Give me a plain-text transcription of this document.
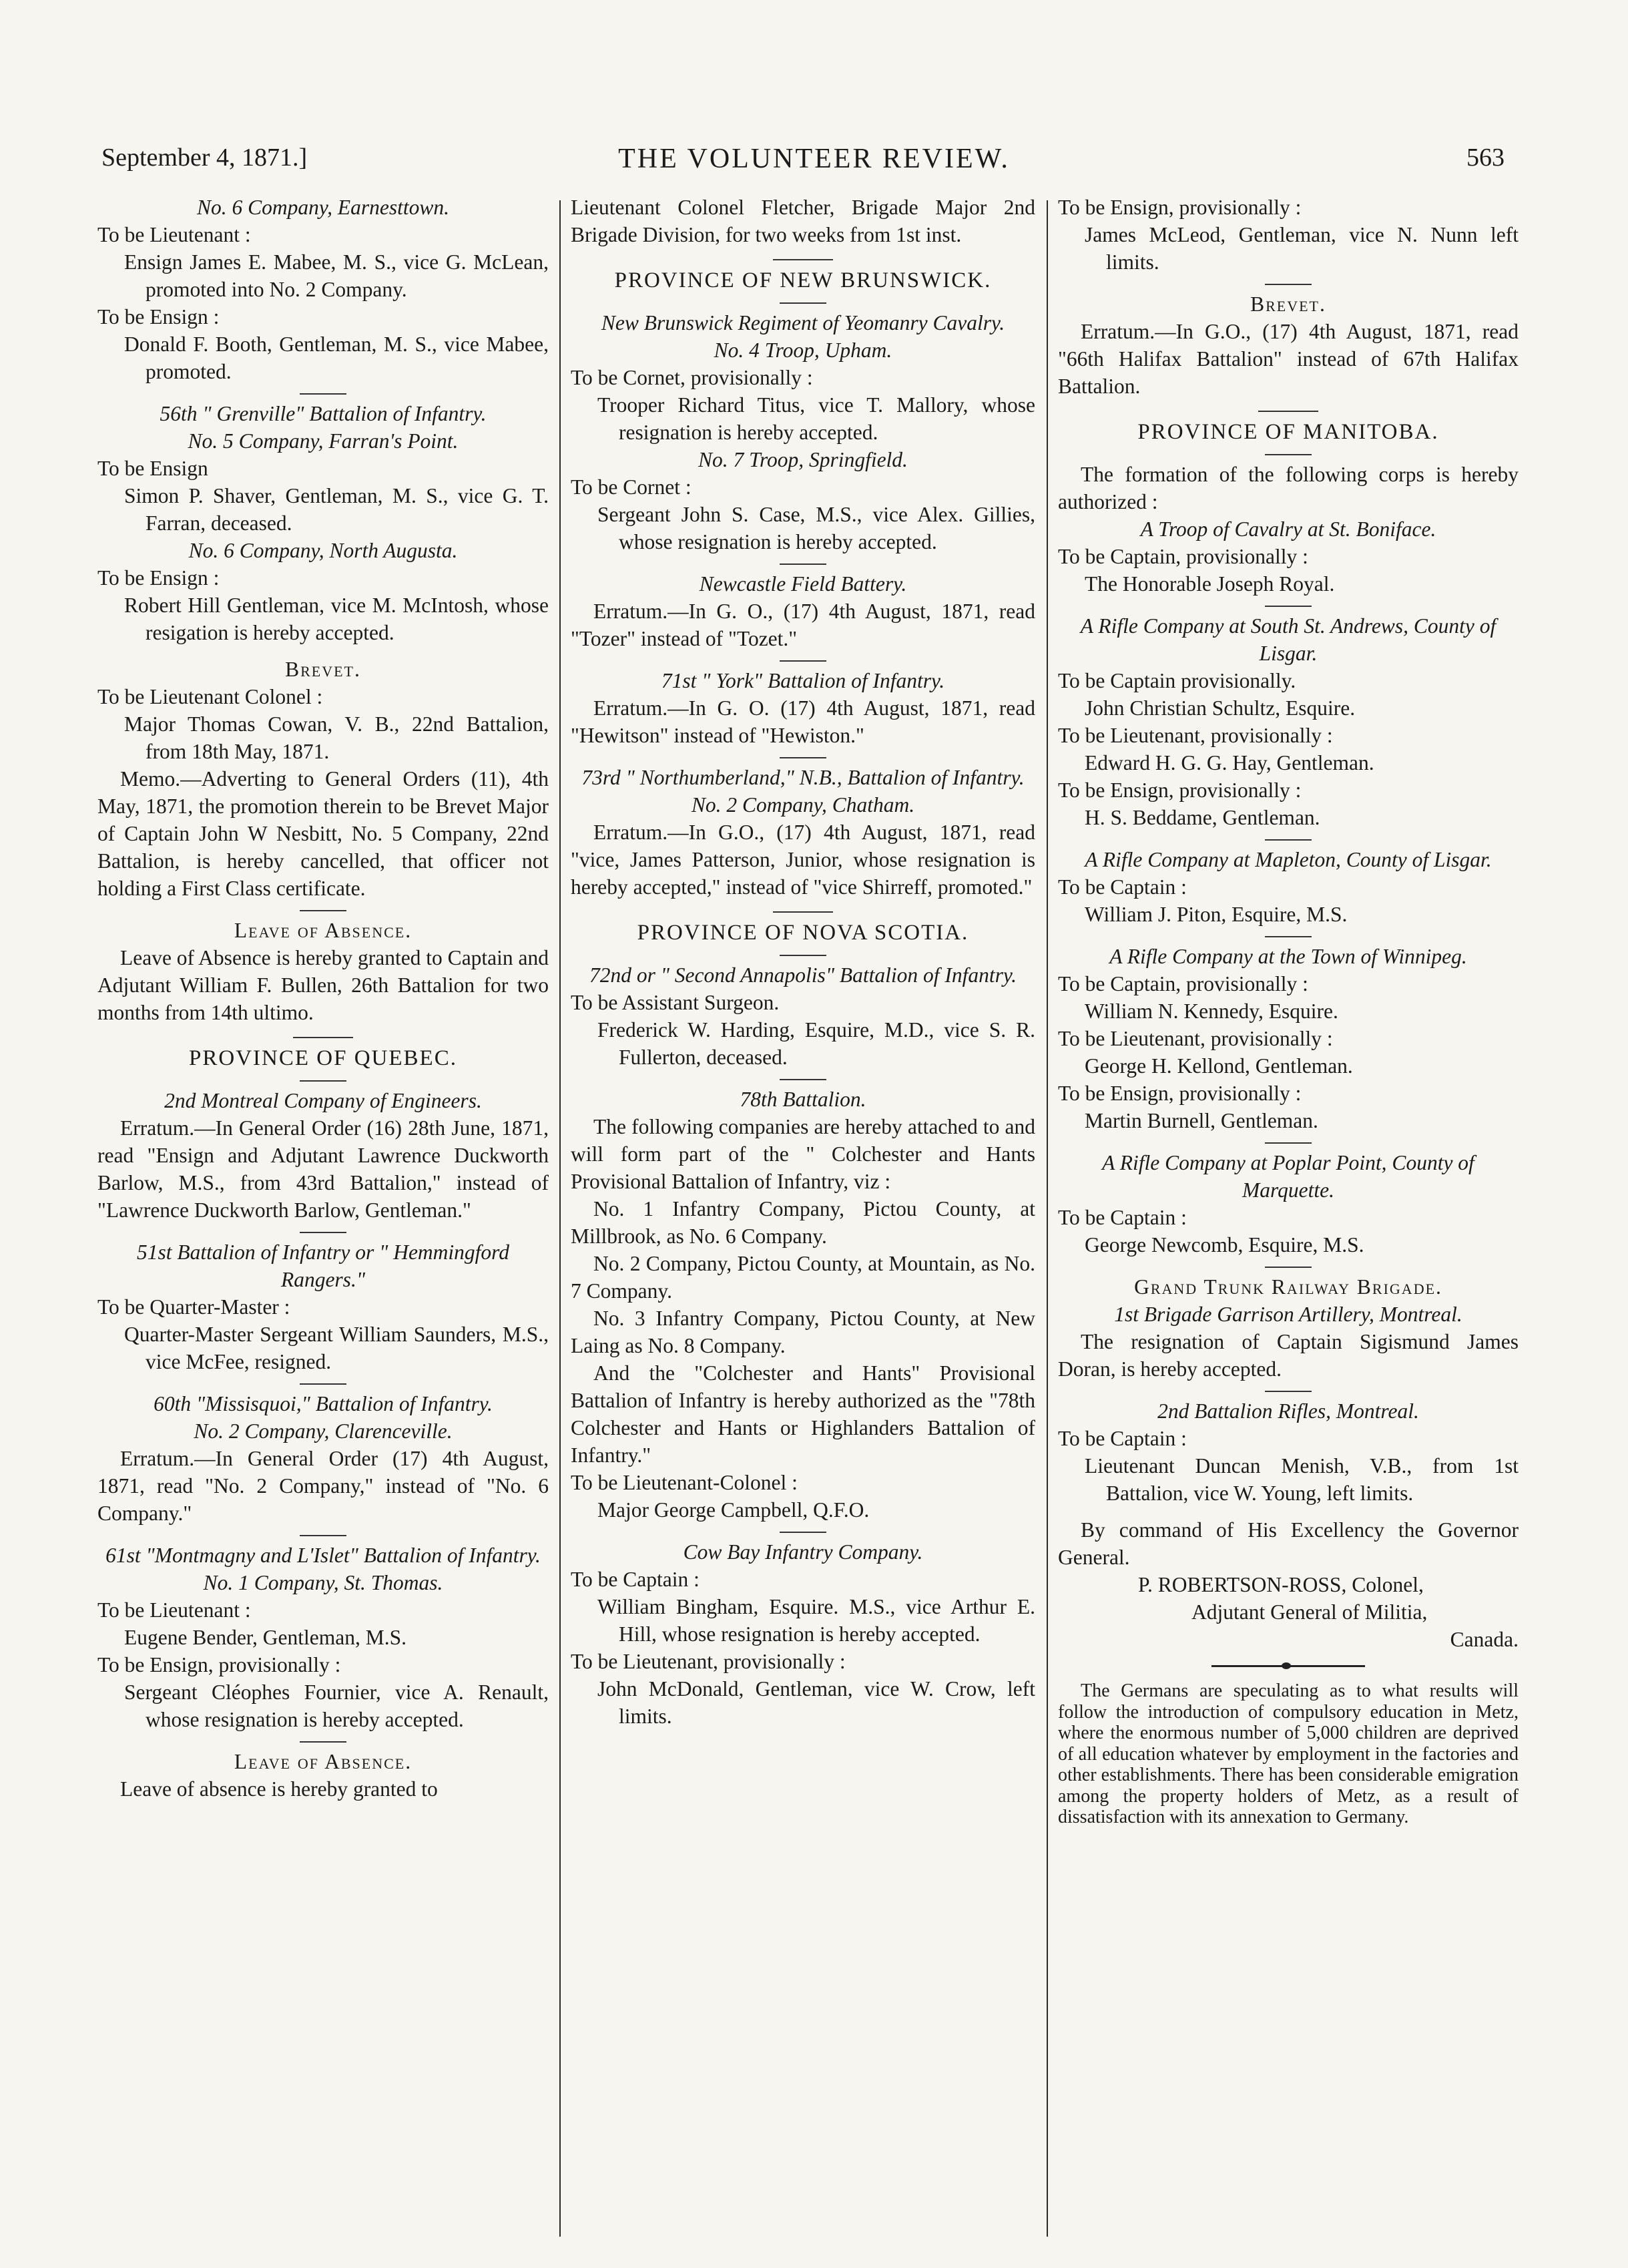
September 4, 1871.]	THE VOLUNTEER REVIEW.	563

No. 6 Company, Earnesttown.

To be Lieutenant :

Ensign James E. Mabee, M. S., vice G. McLean, promoted into No. 2 Company.

To be Ensign :

Donald F. Booth, Gentleman, M. S., vice Mabee, promoted.

56th " Grenville" Battalion of Infantry.

No. 5 Company, Farran's Point.

To be Ensign

Simon P. Shaver, Gentleman, M. S., vice G. T. Farran, deceased.

No. 6 Company, North Augusta.

To be Ensign :

Robert Hill Gentleman, vice M. McIntosh, whose resigation is hereby accepted.

Brevet.

To be Lieutenant Colonel :

Major Thomas Cowan, V. B., 22nd Battalion, from 18th May, 1871.

Memo.—Adverting to General Orders (11), 4th May, 1871, the promotion therein to be Brevet Major of Captain John W Nesbitt, No. 5 Company, 22nd Battalion, is hereby cancelled, that officer not holding a First Class certificate.

Leave of Absence.

Leave of Absence is hereby granted to Captain and Adjutant William F. Bullen, 26th Battalion for two months from 14th ultimo.

PROVINCE OF QUEBEC.

2nd Montreal Company of Engineers.

Erratum.—In General Order (16) 28th June, 1871, read "Ensign and Adjutant Lawrence Duckworth Barlow, M.S., from 43rd Battalion," instead of "Lawrence Duckworth Barlow, Gentleman."

51st Battalion of Infantry or " Hemmingford Rangers."

To be Quarter-Master :

Quarter-Master Sergeant William Saunders, M.S., vice McFee, resigned.

60th "Missisquoi," Battalion of Infantry.

No. 2 Company, Clarenceville.

Erratum.—In General Order (17) 4th August, 1871, read "No. 2 Company," instead of "No. 6 Company."

61st "Montmagny and L'Islet" Battalion of Infantry.

No. 1 Company, St. Thomas.

To be Lieutenant :

Eugene Bender, Gentleman, M.S.

To be Ensign, provisionally :

Sergeant Cléophes Fournier, vice A. Renault, whose resignation is hereby accepted.

Leave of Absence.

Leave of absence is hereby granted to

Lieutenant Colonel Fletcher, Brigade Major 2nd Brigade Division, for two weeks from 1st inst.

PROVINCE OF NEW BRUNSWICK.

New Brunswick Regiment of Yeomanry Cavalry.

No. 4 Troop, Upham.

To be Cornet, provisionally :

Trooper Richard Titus, vice T. Mallory, whose resignation is hereby accepted.

No. 7 Troop, Springfield.

To be Cornet :

Sergeant John S. Case, M.S., vice Alex. Gillies, whose resignation is hereby accepted.

Newcastle Field Battery.

Erratum.—In G. O., (17) 4th August, 1871, read "Tozer" instead of "Tozet."

71st " York" Battalion of Infantry.

Erratum.—In G. O. (17) 4th August, 1871, read "Hewitson" instead of "Hewiston."

73rd " Northumberland," N.B., Battalion of Infantry.

No. 2 Company, Chatham.

Erratum.—In G.O., (17) 4th August, 1871, read "vice, James Patterson, Junior, whose resignation is hereby accepted," instead of "vice Shirreff, promoted."

PROVINCE OF NOVA SCOTIA.

72nd or " Second Annapolis" Battalion of Infantry.

To be Assistant Surgeon.

Frederick W. Harding, Esquire, M.D., vice S. R. Fullerton, deceased.

78th Battalion.

The following companies are hereby attached to and will form part of the " Colchester and Hants Provisional Battalion of Infantry, viz :

No. 1 Infantry Company, Pictou County, at Millbrook, as No. 6 Company.

No. 2 Company, Pictou County, at Mountain, as No. 7 Company.

No. 3 Infantry Company, Pictou County, at New Laing as No. 8 Company.

And the "Colchester and Hants" Provisional Battalion of Infantry is hereby authorized as the "78th Colchester and Hants or Highlanders Battalion of Infantry."

To be Lieutenant-Colonel :

Major George Campbell, Q.F.O.

Cow Bay Infantry Company.

To be Captain :

William Bingham, Esquire. M.S., vice Arthur E. Hill, whose resignation is hereby accepted.

To be Lieutenant, provisionally :

John McDonald, Gentleman, vice W. Crow, left limits.

To be Ensign, provisionally :

James McLeod, Gentleman, vice N. Nunn left limits.

Brevet.

Erratum.—In G.O., (17) 4th August, 1871, read "66th Halifax Battalion" instead of 67th Halifax Battalion.

PROVINCE OF MANITOBA.

The formation of the following corps is hereby authorized :

A Troop of Cavalry at St. Boniface.

To be Captain, provisionally :

The Honorable Joseph Royal.

A Rifle Company at South St. Andrews, County of Lisgar.

To be Captain provisionally.

John Christian Schultz, Esquire.

To be Lieutenant, provisionally :

Edward H. G. G. Hay, Gentleman.

To be Ensign, provisionally :

H. S. Beddame, Gentleman.

A Rifle Company at Mapleton, County of Lisgar.

To be Captain :

William J. Piton, Esquire, M.S.

A Rifle Company at the Town of Winnipeg.

To be Captain, provisionally :

William N. Kennedy, Esquire.

To be Lieutenant, provisionally :

George H. Kellond, Gentleman.

To be Ensign, provisionally :

Martin Burnell, Gentleman.

A Rifle Company at Poplar Point, County of Marquette.

To be Captain :

George Newcomb, Esquire, M.S.

Grand Trunk Railway Brigade.

1st Brigade Garrison Artillery, Montreal.

The resignation of Captain Sigismund James Doran, is hereby accepted.

2nd Battalion Rifles, Montreal.

To be Captain :

Lieutenant Duncan Menish, V.B., from 1st Battalion, vice W. Young, left limits.

By command of His Excellency the Governor General.

P. ROBERTSON-ROSS, Colonel,

Adjutant General of Militia,

Canada.

The Germans are speculating as to what results will follow the introduction of compulsory education in Metz, where the enormous number of 5,000 children are deprived of all education whatever by employment in the factories and other establishments. There has been considerable emigration among the property holders of Metz, as a result of dissatisfaction with its annexation to Germany.
